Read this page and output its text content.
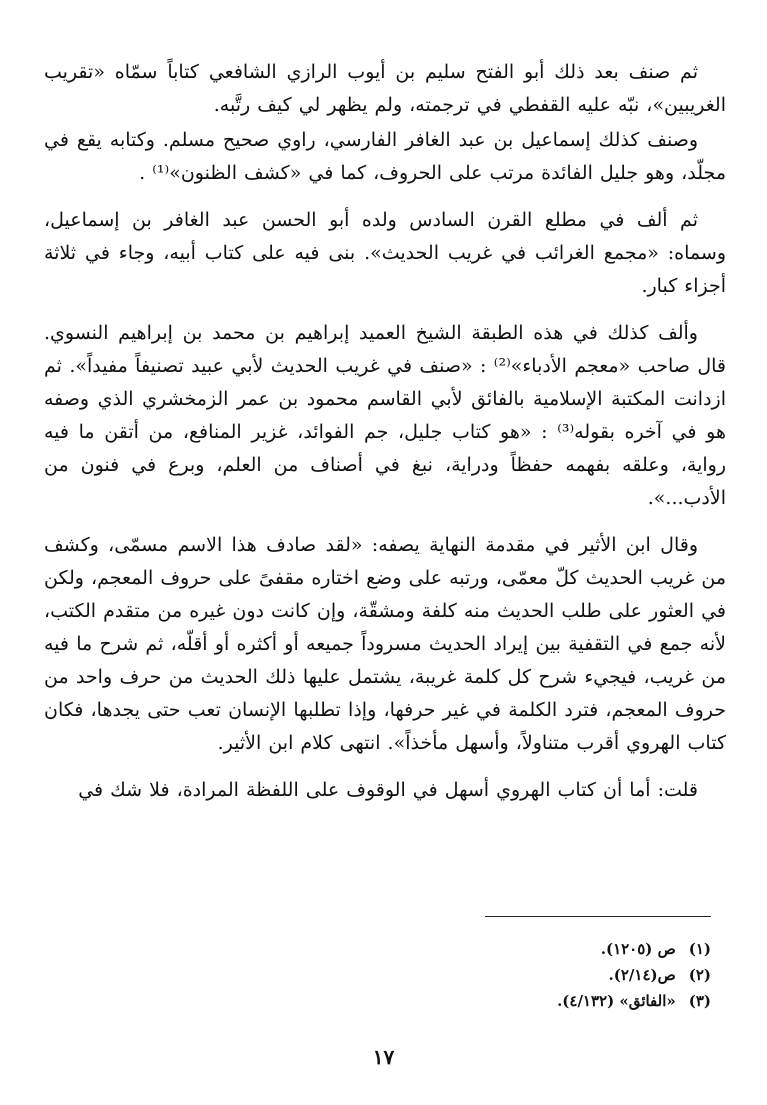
ثم صنف بعد ذلك أبو الفتح سليم بن أيوب الرازي الشافعي كتاباً سمّاه «تقريب الغريبين»، نبّه عليه القفطي في ترجمته، ولم يظهر لي كيف رتَّبه.

وصنف كذلك إسماعيل بن عبد الغافر الفارسي، راوي صحيح مسلم. وكتابه يقع في مجلّد، وهو جليل الفائدة مرتب على الحروف، كما في «كشف الظنون»⁽¹⁾ .

ثم ألف في مطلع القرن السادس ولده أبو الحسن عبد الغافر بن إسماعيل، وسماه: «مجمع الغرائب في غريب الحديث». بنى فيه على كتاب أبيه، وجاء في ثلاثة أجزاء كبار.

وألف كذلك في هذه الطبقة الشيخ العميد إبراهيم بن محمد بن إبراهيم النسوي. قال صاحب «معجم الأدباء»⁽²⁾ : «صنف في غريب الحديث لأبي عبيد تصنيفاً مفيداً». ثم ازدانت المكتبة الإسلامية بالفائق لأبي القاسم محمود بن عمر الزمخشري الذي وصفه هو في آخره بقوله⁽³⁾ : «هو كتاب جليل، جم الفوائد، غزير المنافع، من أتقن ما فيه رواية، وعلقه بفهمه حفظاً ودراية، نبغ في أصناف من العلم، وبرع في فنون من الأدب...».

وقال ابن الأثير في مقدمة النهاية يصفه: «لقد صادف هذا الاسم مسمّى، وكشف من غريب الحديث كلّ معمّى، ورتبه على وضع اختاره مقفىً على حروف المعجم، ولكن في العثور على طلب الحديث منه كلفة ومشقّة، وإن كانت دون غيره من متقدم الكتب، لأنه جمع في التقفية بين إيراد الحديث مسروداً جميعه أو أكثره أو أقلّه، ثم شرح ما فيه من غريب، فيجيء شرح كل كلمة غريبة، يشتمل عليها ذلك الحديث من حرف واحد من حروف المعجم، فترد الكلمة في غير حرفها، وإذا تطلبها الإنسان تعب حتى يجدها، فكان كتاب الهروي أقرب متناولاً، وأسهل مأخذاً». انتهى كلام ابن الأثير.

قلت: أما أن كتاب الهروي أسهل في الوقوف على اللفظة المرادة، فلا شك في

(١) ص (١٢٠٥).

(٢) ص(٢/١٤).

(٣) «الفائق» (٤/١٣٢).

١٧
